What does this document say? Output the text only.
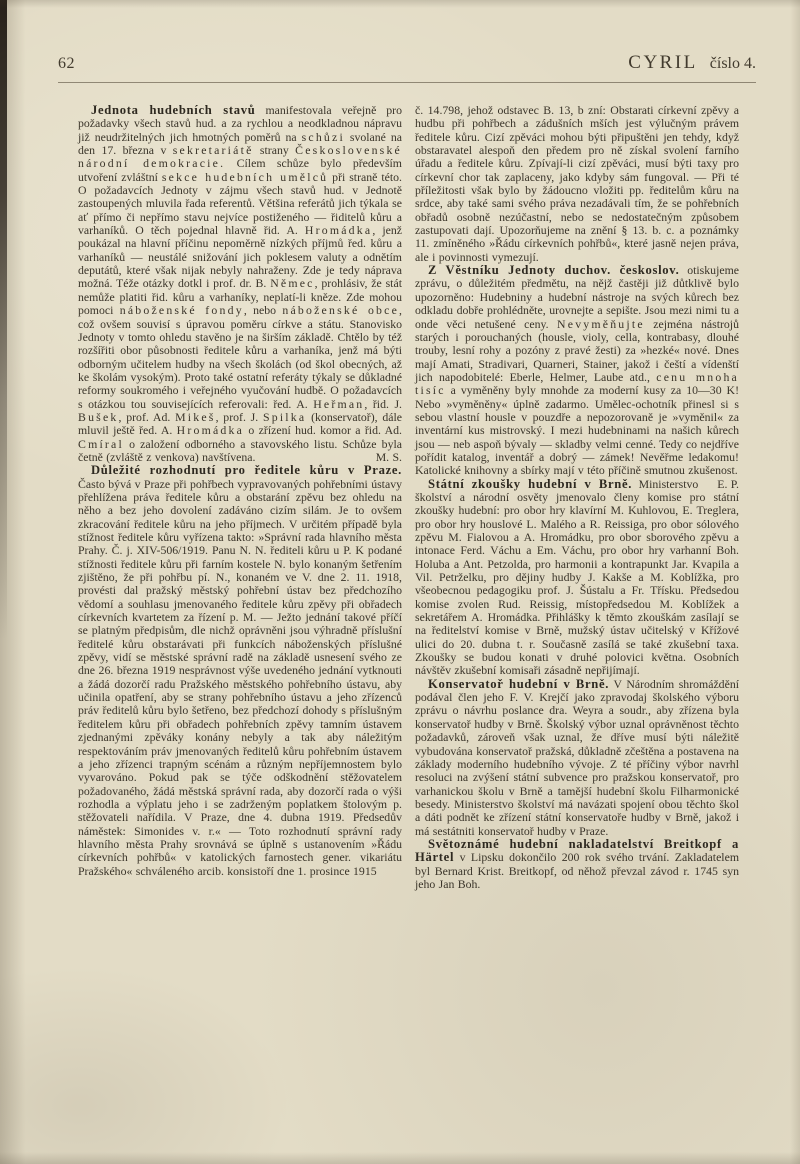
62	CYRIL číslo 4.

Jednota hudebních stavů manifestovala veřejně pro požadavky všech stavů hud. a za rychlou a neodkladnou nápravu již neudržitelných jich hmotných poměrů na schůzi svolané na den 17. března v sekretariátě strany Československé národní demokracie. Cílem schůze bylo především utvoření zvláštní sekce hudebních umělců při straně této. O požadavcích Jednoty v zájmu všech stavů hud. v Jednotě zastoupených mluvila řada referentů. Většina referátů jich týkala se ať přímo či nepřímo stavu nejvíce postiženého — řiditelů kůru a varhaníků. O těch pojednal hlavně řid. A. Hromádka, jenž poukázal na hlavní příčinu nepoměrně nízkých příjmů řed. kůru a varhaníků — neustálé snižování jich poklesem valuty a odnětím deputátů, které však nijak nebyly nahraženy. Zde je tedy náprava možná. Téže otázky dotkl i prof. dr. B. Němec, prohlásiv, že stát nemůže platiti řid. kůru a varhaníky, neplatí-li kněze. Zde mohou pomoci náboženské fondy, nebo náboženské obce, což ovšem souvisí s úpravou poměru církve a státu. Stanovisko Jednoty v tomto ohledu stavěno je na širším základě. Chtělo by též rozšířiti obor působnosti ředitele kůru a varhaníka, jenž má býti odborným učitelem hudby na všech školách (od škol obecných, až ke školám vysokým). Proto také ostatní referáty týkaly se důkladné reformy soukromého i veřejného vyučování hudbě. O požadavcích s otázkou tou souvisejících referovali: řed. A. Heřman, řid. J. Bušek, prof. Ad. Mikeš, prof. J. Spilka (konservatoř), dále mluvil ještě řed. A. Hromádka o zřízení hud. komor a řid. Ad. Cmíral o založení odborného a stavovského listu. Schůze byla četně (zvláště z venkova) navštívena.	M. S.

Důležité rozhodnutí pro ředitele kůru v Praze. Často bývá v Praze při pohřbech vypravovaných pohřebními ústavy přehlížena práva ředitele kůru a obstarání zpěvu bez ohledu na něho a bez jeho dovolení zadáváno cizím silám. Je to ovšem zkracování ředitele kůru na jeho příjmech. V určitém případě byla stížnost ředitele kůru vyřízena takto: »Správní rada hlavního města Prahy. Č. j. XIV-506/1919. Panu N. N. řediteli kůru u P. K podané stížnosti ředitele kůru při farním kostele N. bylo konaným šetřením zjištěno, že při pohřbu pí. N., konaném ve V. dne 2. 11. 1918, provésti dal pražský městský pohřební ústav bez předchozího vědomí a souhlasu jmenovaného ředitele kůru zpěvy při obřadech církevních kvartetem za řízení p. M. — Ježto jednání takové příčí se platným předpisům, dle nichž oprávněni jsou výhradně příslušní ředitelé kůru obstarávati při funkcích náboženských příslušné zpěvy, vidí se městské správní radě na základě usnesení svého ze dne 26. března 1919 nesprávnost výše uvedeného jednání vytknouti a žádá dozorčí radu Pražského městského pohřebního ústavu, aby učinila opatření, aby se strany pohřebního ústavu a jeho zřízenců práv ředitelů kůru bylo šetřeno, bez předchozí dohody s příslušným ředitelem kůru při obřadech pohřebních zpěvy tamním ústavem zjednanými zpěváky konány nebyly a tak aby náležitým respektováním práv jmenovaných ředitelů kůru pohřebním ústavem a jeho zřízenci trapným scénám a různým nepříjemnostem bylo vyvarováno. Pokud pak se týče odškodnění stěžovatelem požadovaného, žádá městská správní rada, aby dozorčí rada o výši rozhodla a výplatu jeho i se zadrženým poplatkem štolovým p. stěžovateli nařídila. V Praze, dne 4. dubna 1919. Předsedův náměstek: Simonides v. r.« — Toto rozhodnutí správní rady hlavního města Prahy srovnává se úplně s ustanovením »Řádu církevních pohřbů« v katolických farnostech gener. vikariátu Pražského« schváleného arcib. konsistoří dne 1. prosince 1915

č. 14.798, jehož odstavec B. 13, b zní: Obstarati církevní zpěvy a hudbu při pohřbech a zádušních mších jest výlučným právem ředitele kůru. Cizí zpěváci mohou býti připuštěni jen tehdy, když obstaravatel alespoň den předem pro ně získal svolení farního úřadu a ředitele kůru. Zpívají-li cizí zpěváci, musí býti taxy pro církevní chor tak zaplaceny, jako kdyby sám fungoval. — Při té příležitosti však bylo by žádoucno vložiti pp. ředitelům kůru na srdce, aby také sami svého práva nezadávali tím, že se pohřebních obřadů osobně nezúčastní, nebo se nedostatečným způsobem zastupovati dají. Upozorňujeme na znění § 13. b. c. a poznámky 11. zmíněného »Řádu církevních pohřbů«, které jasně nejen práva, ale i povinnosti vymezují.

Z Věstníku Jednoty duchov. českoslov. otiskujeme zprávu, o důležitém předmětu, na nějž častěji již důtklivě bylo upozorněno: Hudebniny a hudební nástroje na svých kůrech bez odkladu dobře prohlédněte, urovnejte a sepište. Jsou mezi nimi tu a onde věci netušené ceny. Nevyměňujte zejména nástrojů starých i porouchaných (housle, violy, cella, kontrabasy, dlouhé trouby, lesní rohy a pozóny z pravé žesti) za »hezké« nové. Dnes mají Amati, Stradivari, Quarneri, Stainer, jakož i čeští a vídenští jich napodobitelé: Eberle, Helmer, Laube atd., cenu mnoha tisíc a vyměněny byly mnohde za moderní kusy za 10—30 K! Nebo »vyměněny« úplně zadarmo. Umělec-ochotník přinesl si s sebou vlastní housle v pouzdře a nepozorovaně je »vyměnil« za inventární kus mistrovský. I mezi hudebninami na našich kůrech jsou — neb aspoň bývaly — skladby velmi cenné. Tedy co nejdříve pořídit katalog, inventář a dobrý — zámek! Nevěřme ledakomu! Katolické knihovny a sbírky mají v této příčině smutnou zkušenost.
E. P.

Státní zkoušky hudební v Brně. Ministerstvo školství a národní osvěty jmenovalo členy komise pro státní zkoušky hudební: pro obor hry klavírní M. Kuhlovou, E. Treglera, pro obor hry houslové L. Malého a R. Reissiga, pro obor sólového zpěvu M. Fialovou a A. Hromádku, pro obor sborového zpěvu a intonace Ferd. Váchu a Em. Váchu, pro obor hry varhanní Boh. Holuba a Ant. Petzolda, pro harmonii a kontrapunkt Jar. Kvapila a Vil. Petrželku, pro dějiny hudby J. Kakše a M. Koblížka, pro všeobecnou pedagogiku prof. J. Šústalu a Fr. Třísku. Předsedou komise zvolen Rud. Reissig, místopředsedou M. Koblížek a sekretářem A. Hromádka. Přihlášky k těmto zkouškám zasílají se na ředitelství komise v Brně, mužský ústav učitelský v Křížové ulici do 20. dubna t. r. Současně zasílá se také zkušební taxa. Zkoušky se budou konati v druhé polovici května. Osobních návštěv zkušební komisaři zásadně nepřijímají.

Konservatoř hudební v Brně. V Národním shromáždění podával člen jeho F. V. Krejčí jako zpravodaj školského výboru zprávu o návrhu poslance dra. Weyra a soudr., aby zřízena byla konservatoř hudby v Brně. Školský výbor uznal oprávněnost těchto požadavků, zároveň však uznal, že dříve musí býti náležitě vybudována konservatoř pražská, důkladně zčeštěna a postavena na základy moderního hudebního vývoje. Z té příčiny výbor navrhl resoluci na zvýšení státní subvence pro pražskou konservatoř, pro varhanickou školu v Brně a tamější hudební školu Filharmonické besedy. Ministerstvo školství má navázati spojení obou těchto škol a dáti podnět ke zřízení státní konservatoře hudby v Brně, jakož i má sestátniti konservatoř hudby v Praze.

Světoznámé hudební nakladatelství Breitkopf a Härtel v Lipsku dokončilo 200 rok svého trvání. Zakladatelem byl Bernard Krist. Breitkopf, od něhož převzal závod r. 1745 syn jeho Jan Boh.
